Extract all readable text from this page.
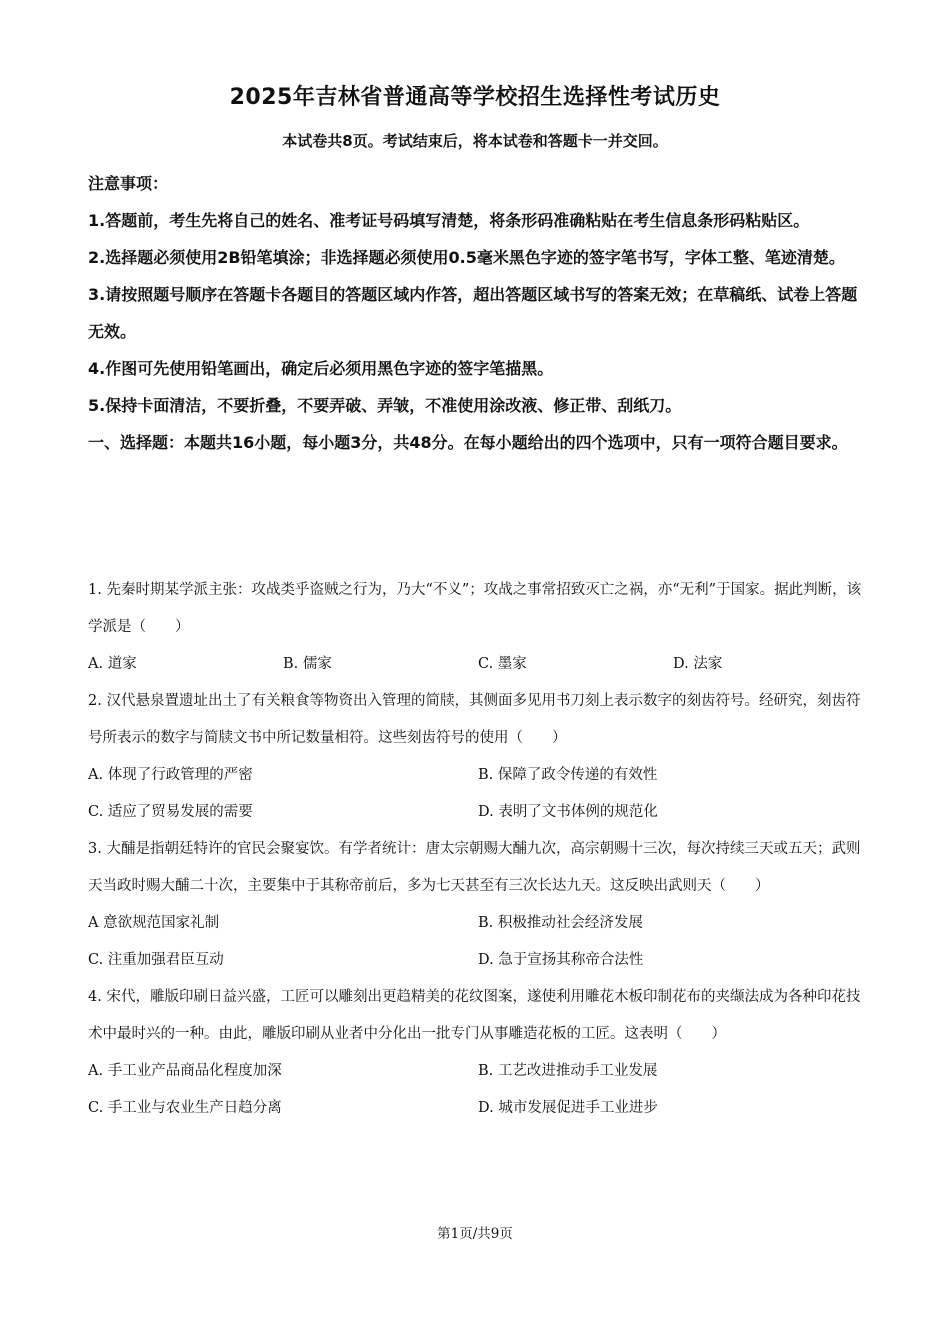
2025年吉林省普通高等学校招生选择性考试历史
本试卷共8页。考试结束后，将本试卷和答题卡一并交回。

注意事项：

1.答题前，考生先将自己的姓名、准考证号码填写清楚，将条形码准确粘贴在考生信息条形码粘贴区。

2.选择题必须使用2B铅笔填涂；非选择题必须使用0.5毫米黑色字迹的签字笔书写，字体工整、笔迹清楚。

3.请按照题号顺序在答题卡各题目的答题区域内作答，超出答题区域书写的答案无效；在草稿纸、试卷上答题无效。

4.作图可先使用铅笔画出，确定后必须用黑色字迹的签字笔描黑。

5.保持卡面清洁，不要折叠，不要弄破、弄皱，不准使用涂改液、修正带、刮纸刀。

一、选择题：本题共16小题，每小题3分，共48分。在每小题给出的四个选项中，只有一项符合题目要求。

1. 先秦时期某学派主张：攻战类乎盗贼之行为，乃大“不义”；攻战之事常招致灭亡之祸，亦“无利”于国家。据此判断，该学派是（　　）

A. 道家	B. 儒家	C. 墨家	D. 法家

2. 汉代悬泉置遗址出土了有关粮食等物资出入管理的简牍，其侧面多见用书刀刻上表示数字的刻齿符号。经研究，刻齿符号所表示的数字与简牍文书中所记数量相符。这些刻齿符号的使用（　　）

A. 体现了行政管理的严密	B. 保障了政令传递的有效性
C. 适应了贸易发展的需要	D. 表明了文书体例的规范化

3. 大酺是指朝廷特许的官民会聚宴饮。有学者统计：唐太宗朝赐大酺九次，高宗朝赐十三次，每次持续三天或五天；武则天当政时赐大酺二十次，主要集中于其称帝前后，多为七天甚至有三次长达九天。这反映出武则天（　　）

A 意欲规范国家礼制	B. 积极推动社会经济发展
C. 注重加强君臣互动	D. 急于宣扬其称帝合法性

4. 宋代，雕版印刷日益兴盛，工匠可以雕刻出更趋精美的花纹图案，遂使利用雕花木板印制花布的夹缬法成为各种印花技术中最时兴的一种。由此，雕版印刷从业者中分化出一批专门从事雕造花板的工匠。这表明（　　）

A. 手工业产品商品化程度加深	B. 工艺改进推动手工业发展
C. 手工业与农业生产日趋分离	D. 城市发展促进手工业进步
第1页/共9页
